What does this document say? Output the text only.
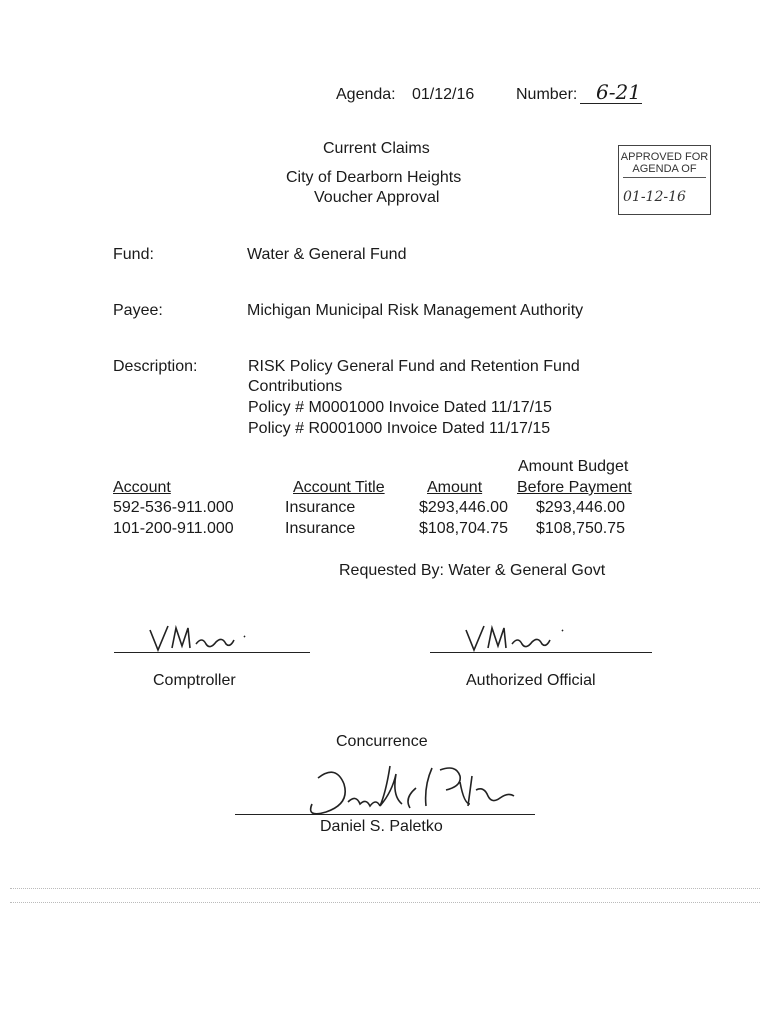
Agenda: 01/12/16	Number: 6-21
Current Claims
City of Dearborn Heights
Voucher Approval
APPROVED FOR
AGENDA OF
01-12-16
Fund:	Water & General Fund
Payee:	Michigan Municipal Risk Management Authority
Description:	RISK Policy General Fund and Retention Fund
Contributions
Policy # M0001000 Invoice Dated 11/17/15
Policy # R0001000 Invoice Dated 11/17/15
Amount Budget
Account	Account Title	Amount Before Payment
592-536-911.000	Insurance	$293,446.00 $293,446.00
101-200-911.000	Insurance	$108,704.75 $108,750.75
Requested By: Water & General Govt
Comptroller	Authorized Official
Concurrence
Daniel S. Paletko
